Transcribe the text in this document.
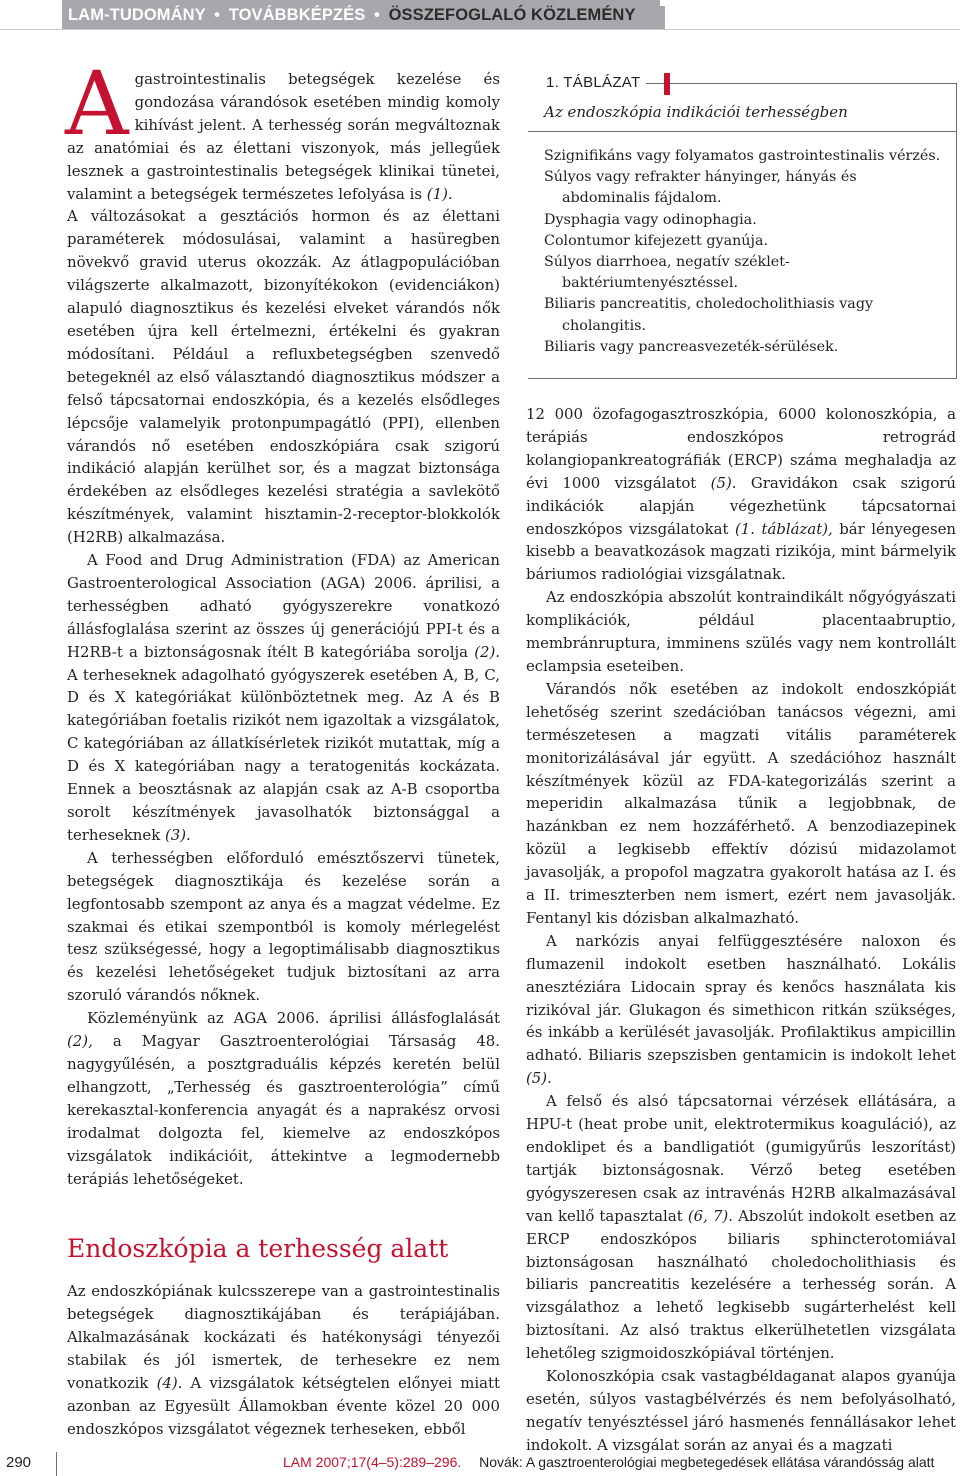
LAM-TUDOMÁNY • TOVÁBBKÉPZÉS • ÖSSZEFOGLALÓ KÖZLEMÉNY

Agastrointestinalis betegségek kezelése és gondozása várandósok esetében mindig komoly kihívást jelent. A terhesség során megváltoznak az anatómiai és az élettani viszonyok, más jellegűek lesznek a gastrointestinalis betegségek klinikai tünetei, valamint a betegségek természetes lefolyása is (1).

A változásokat a gesztációs hormon és az élettani paraméterek módosulásai, valamint a hasüregben növekvő gravid uterus okozzák. Az átlagpopulációban világszerte alkalmazott, bizonyítékokon (evidenciákon) alapuló diagnosztikus és kezelési elveket várandós nők esetében újra kell értelmezni, értékelni és gyakran módosítani. Például a refluxbetegségben szenvedő betegeknél az első választandó diagnosztikus módszer a felső tápcsatornai endoszkópia, és a kezelés elsődleges lépcsője valamelyik protonpumpagátló (PPI), ellenben várandós nő esetében endoszkópiára csak szigorú indikáció alapján kerülhet sor, és a magzat biztonsága érdekében az elsődleges kezelési stratégia a savlekötő készítmények, valamint hisztamin-2-receptor-blokkolók (H2RB) alkalmazása.

A Food and Drug Administration (FDA) az American Gastroenterological Association (AGA) 2006. áprilisi, a terhességben adható gyógyszerekre vonatkozó állásfoglalása szerint az összes új generációjú PPI-t és a H2RB-t a biztonságosnak ítélt B kategóriába sorolja (2). A terheseknek adagolható gyógyszerek esetében A, B, C, D és X kategóriákat különböztetnek meg. Az A és B kategóriában foetalis rizikót nem igazoltak a vizsgálatok, C kategóriában az állatkísérletek rizikót mutattak, míg a D és X kategóriában nagy a teratogenitás kockázata. Ennek a beosztásnak az alapján csak az A-B csoportba sorolt készítmények javasolhatók biztonsággal a terheseknek (3).

A terhességben előforduló emésztőszervi tünetek, betegségek diagnosztikája és kezelése során a legfontosabb szempont az anya és a magzat védelme. Ez szakmai és etikai szempontból is komoly mérlegelést tesz szükségessé, hogy a legoptimálisabb diagnosztikus és kezelési lehetőségeket tudjuk biztosítani az arra szoruló várandós nőknek.

Közleményünk az AGA 2006. áprilisi állásfoglalását (2), a Magyar Gasztroenterológiai Társaság 48. nagygyűlésén, a posztgraduális képzés keretén belül elhangzott, „Terhesség és gasztroenterológia” című kerekasztal-konferencia anyagát és a naprakész orvosi irodalmat dolgozta fel, kiemelve az endoszkópos vizsgálatok indikációit, áttekintve a legmodernebb terápiás lehetőségeket.

Endoszkópia a terhesség alatt

Az endoszkópiának kulcsszerepe van a gastrointestinalis betegségek diagnosztikájában és terápiájában. Alkalmazásának kockázati és hatékonysági tényezői stabilak és jól ismertek, de terhesekre ez nem vonatkozik (4). A vizsgálatok kétségtelen előnyei miatt azonban az Egyesült Államokban évente közel 20 000 endoszkópos vizsgálatot végeznek terheseken, ebből

1. TÁBLÁZAT
Az endoszkópia indikációi terhességben
Szignifikáns vagy folyamatos gastrointestinalis vérzés.
Súlyos vagy refrakter hányinger, hányás és abdominalis fájdalom.
Dysphagia vagy odinophagia.
Colontumor kifejezett gyanúja.
Súlyos diarrhoea, negatív széklet-baktériumtenyésztéssel.
Biliaris pancreatitis, choledocholithiasis vagy cholangitis.
Biliaris vagy pancreasvezeték-sérülések.

12 000 özofagogasztroszkópia, 6000 kolonoszkópia, a terápiás endoszkópos retrográd kolangiopankreatográfiák (ERCP) száma meghaladja az évi 1000 vizsgálatot (5). Gravidákon csak szigorú indikációk alapján végezhetünk tápcsatornai endoszkópos vizsgálatokat (1. táblázat), bár lényegesen kisebb a beavatkozások magzati rizikója, mint bármelyik báriumos radiológiai vizsgálatnak.

Az endoszkópia abszolút kontraindikált nőgyógyászati komplikációk, például placentaabruptio, membránruptura, imminens szülés vagy nem kontrollált eclampsia eseteiben.

Várandós nők esetében az indokolt endoszkópiát lehetőség szerint szedációban tanácsos végezni, ami természetesen a magzati vitális paraméterek monitorizálásával jár együtt. A szedációhoz használt készítmények közül az FDA-kategorizálás szerint a meperidin alkalmazása tűnik a legjobbnak, de hazánkban ez nem hozzáférhető. A benzodiazepinek közül a legkisebb effektív dózisú midazolamot javasolják, a propofol magzatra gyakorolt hatása az I. és a II. trimeszterben nem ismert, ezért nem javasolják. Fentanyl kis dózisban alkalmazható.

A narkózis anyai felfüggesztésére naloxon és flumazenil indokolt esetben használható. Lokális anesztéziára Lidocain spray és kenőcs használata kis rizikóval jár. Glukagon és simethicon ritkán szükséges, és inkább a kerülését javasolják. Profilaktikus ampicillin adható. Biliaris szepszisben gentamicin is indokolt lehet (5).

A felső és alsó tápcsatornai vérzések ellátására, a HPU-t (heat probe unit, elektrotermikus koaguláció), az endoklipet és a bandligatiót (gumigyűrűs leszorítást) tartják biztonságosnak. Vérző beteg esetében gyógyszeresen csak az intravénás H2RB alkalmazásával van kellő tapasztalat (6, 7). Abszolút indokolt esetben az ERCP endoszkópos biliaris sphincterotomiával biztonságosan használható choledocholithiasis és biliaris pancreatitis kezelésére a terhesség során. A vizsgálathoz a lehető legkisebb sugárterhelést kell biztosítani. Az alsó traktus elkerülhetetlen vizsgálata lehetőleg szigmoidoszkópiával történjen.

Kolonoszkópia csak vastagbéldaganat alapos gyanúja esetén, súlyos vastagbélvérzés és nem befolyásolható, negatív tenyésztéssel járó hasmenés fennállásakor lehet indokolt. A vizsgálat során az anyai és a magzati

290	LAM 2007;17(4–5):289–296. Novák: A gasztroenterológiai megbetegedések ellátása várandósság alatt
